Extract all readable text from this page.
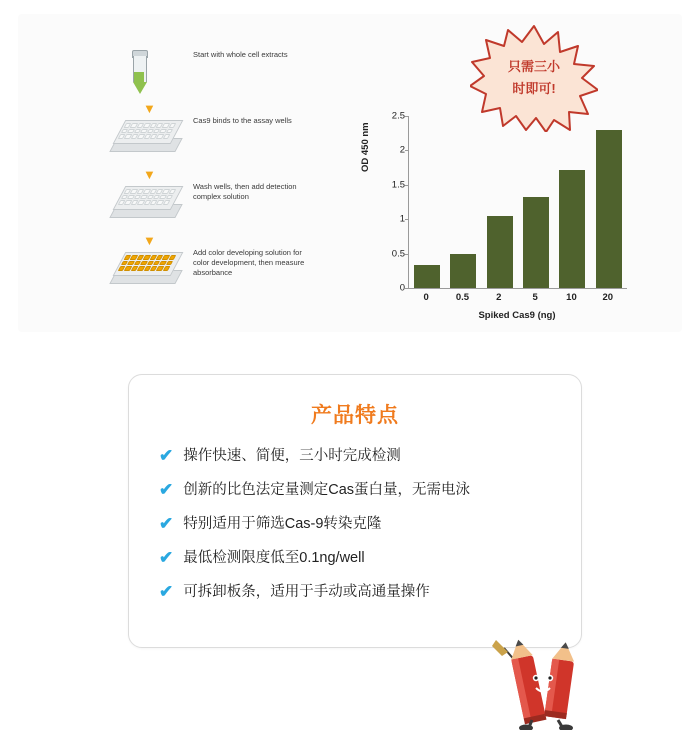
Start with whole cell extracts
▼
Cas9 binds to the assay wells
▼
Wash wells, then add detection complex solution
▼
Add color developing solution for color development, then measure absorbance
只需三小
时即可!
OD 450 nm
0
0.5
1
1.5
2
2.5
0	0.5	2	5	10	20
Spiked Cas9 (ng)
产品特点
✔ 操作快速、简便，三小时完成检测
✔ 创新的比色法定量测定Cas蛋白量，无需电泳
✔ 特别适用于筛选Cas-9转染克隆
✔ 最低检测限度低至0.1ng/well
✔ 可拆卸板条，适用于手动或高通量操作
